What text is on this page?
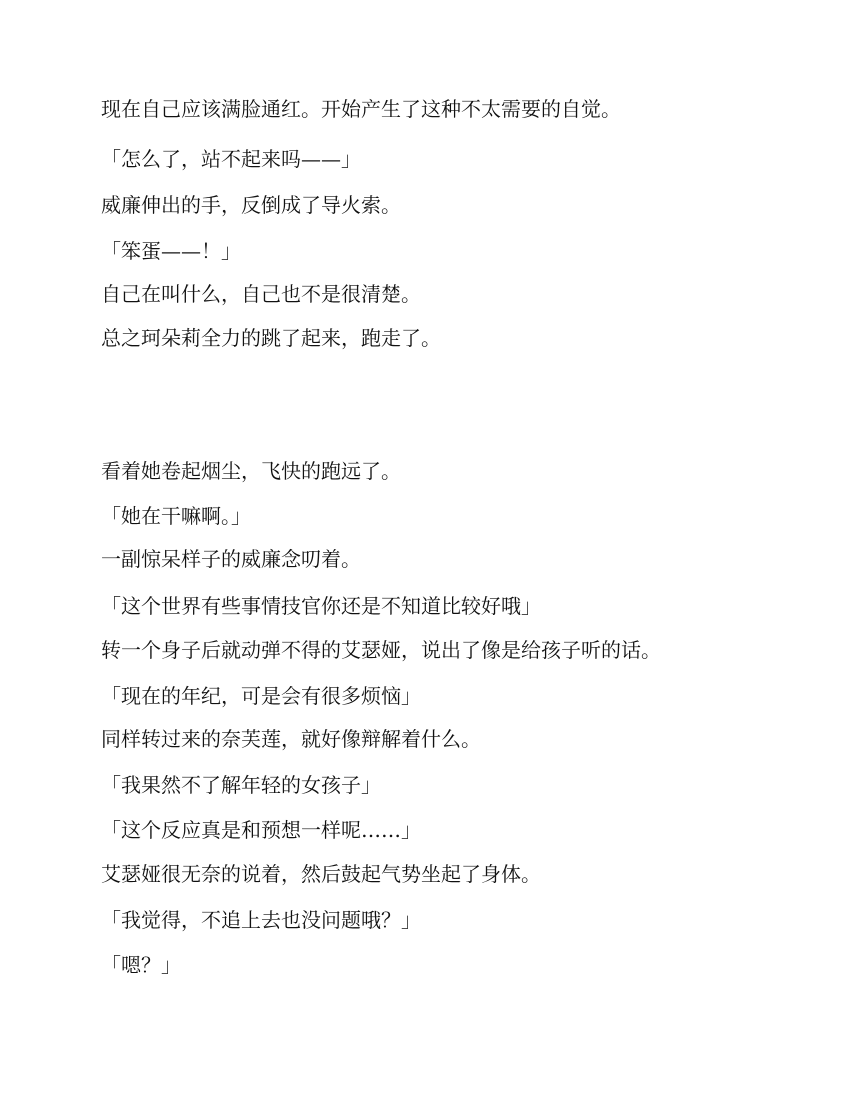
现在自己应该满脸通红。开始产生了这种不太需要的自觉。

「怎么了，站不起来吗——」

威廉伸出的手，反倒成了导火索。

「笨蛋——！」

自己在叫什么，自己也不是很清楚。

总之珂朵莉全力的跳了起来，跑走了。

看着她卷起烟尘，飞快的跑远了。

「她在干嘛啊。」

一副惊呆样子的威廉念叨着。

「这个世界有些事情技官你还是不知道比较好哦」

转一个身子后就动弹不得的艾瑟娅，说出了像是给孩子听的话。

「现在的年纪，可是会有很多烦恼」

同样转过来的奈芙莲，就好像辩解着什么。

「我果然不了解年轻的女孩子」

「这个反应真是和预想一样呢……」

艾瑟娅很无奈的说着，然后鼓起气势坐起了身体。

「我觉得，不追上去也没问题哦？」

「嗯？」
